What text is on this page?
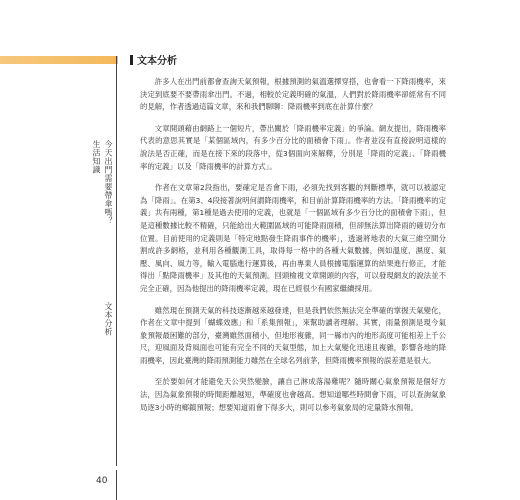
生活知識 今天出門需要帶傘嗎？
文本分析
40
文本分析

許多人在出門前都會查詢天氣預報，根據預測的氣溫選擇穿搭，也會看一下降雨機率，來決定到底要不要帶雨傘出門。不過，相較於定義明確的氣溫，人們對於降雨機率卻經常有不同的見解，作者透過這篇文章，來和我們聊聊：降雨機率到底在計算什麼？

文章開頭藉由網路上一個短片，帶出關於「降雨機率定義」的爭論。網友提出，降雨機率代表的意思其實是「某個區域內，有多少百分比的面積會下雨」。作者並沒有直接說明這樣的說法是否正確，而是在接下來的段落中，從3個面向來解釋，分別是「降雨的定義」、「降雨機率的定義」以及「降雨機率的計算方式」。

作者在文章第2段指出，要確定是否會下雨，必須先找到客觀的判斷標準，就可以被認定為「降雨」。在第3、4段接著說明何謂降雨機率，和目前計算降雨機率的方法。「降雨機率的定義」共有兩種，第1種是過去使用的定義，也就是「一個區域有多少百分比的面積會下雨」，但是這種數據比較不精確，只能給出大範圍區域的可能降雨面積，但卻無法算出降雨的確切分布位置。目前使用的定義則是「特定地點發生降雨事件的機率」，透過將地表的大氣三維空間分割成許多網格，並利用各種觀測工具，取得每一格中的各種大氣數據，例如溫度、濕度、氣壓、風向、風力等，輸入電腦進行運算後，再由專業人員根據電腦運算的結果進行修正，才能得出「點降雨機率」及其他的天氣預測。回頭檢視文章開頭的內容，可以發現網友的說法並不完全正確，因為他提出的降雨機率定義，現在已經很少有國家繼續採用。

雖然現在預測天氣的科技逐漸越來越發達，但是我們依然無法完全準確的掌握天氣變化，作者在文章中提到「蝴蝶效應」和「系集預報」，來幫助讀者理解。其實，雨量預測是現今氣象預報最困難的部分，臺灣雖然面積小，但地形複雜，同一縣市內的地形高度可能相差上千公尺，迎風面及背風面也可能有完全不同的天氣型態，加上大氣變化迅速且複雜，影響各地的降雨機率，因此臺灣的降雨預測能力雖然在全球名列前茅，但降雨機率預報的誤差還是很大。

至於要如何才能避免天公突然變臉，讓自己淋成落湯雞呢？隨時關心氣象預報是個好方法，因為氣象預報的時間距離越短，準確度也會越高。想知道哪些時間會下雨，可以查詢氣象局逐3小時的鄉鎮預報；想要知道雨會下得多大，則可以參考氣象局的定量降水預報。
